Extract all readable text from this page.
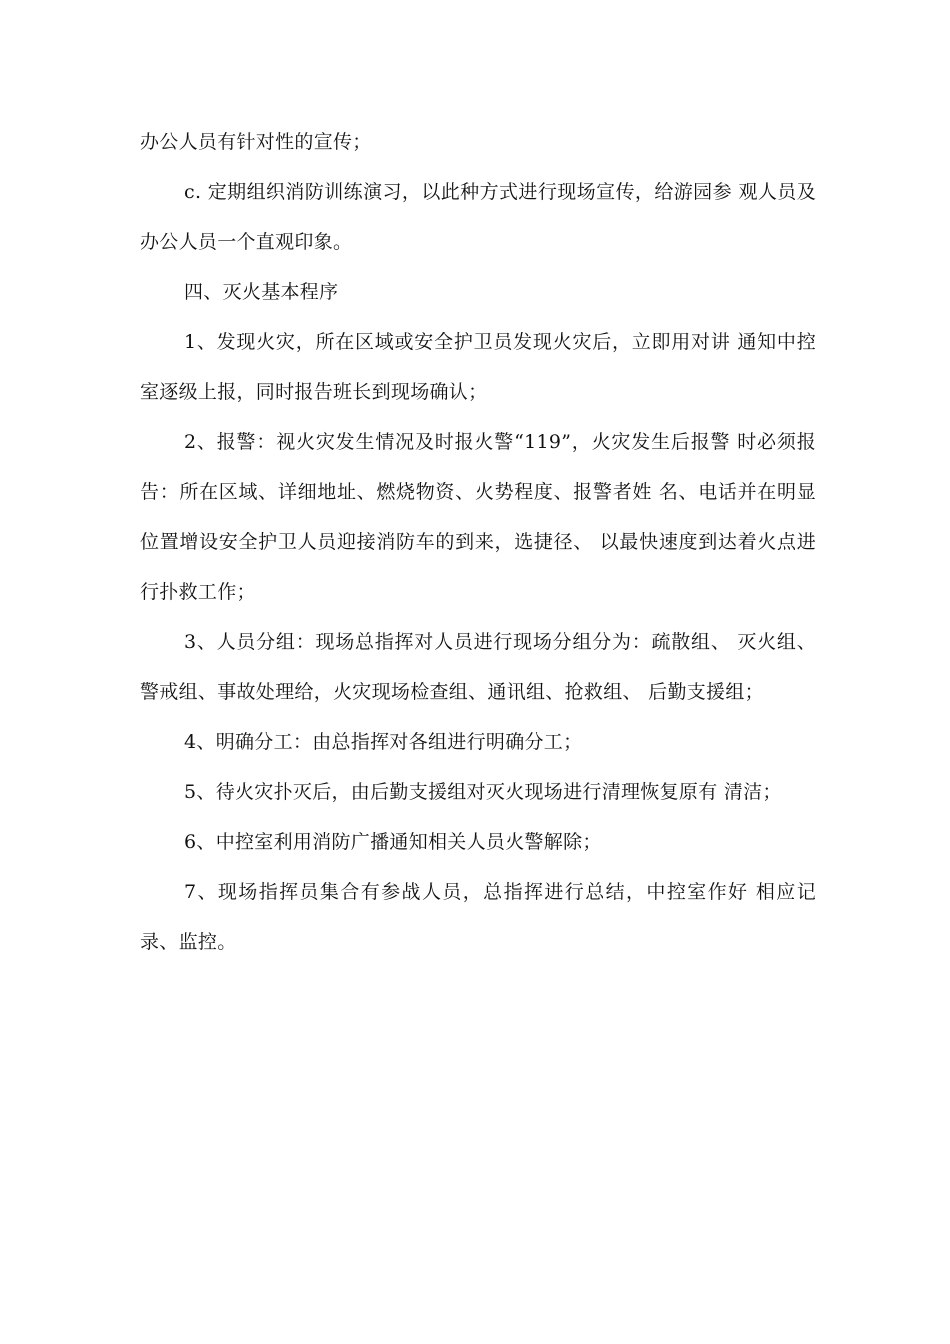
办公人员有针对性的宣传；

c. 定期组织消防训练演习，以此种方式进行现场宣传，给游园参 观人员及办公人员一个直观印象。

四、灭火基本程序

1、发现火灾，所在区域或安全护卫员发现火灾后，立即用对讲 通知中控室逐级上报，同时报告班长到现场确认；

2、报警：视火灾发生情况及时报火警“119”，火灾发生后报警 时必须报告：所在区域、详细地址、燃烧物资、火势程度、报警者姓 名、电话并在明显位置增设安全护卫人员迎接消防车的到来，选捷径、 以最快速度到达着火点进行扑救工作；

3、人员分组：现场总指挥对人员进行现场分组分为：疏散组、 灭火组、警戒组、事故处理给，火灾现场检查组、通讯组、抢救组、 后勤支援组；

4、明确分工：由总指挥对各组进行明确分工；

5、待火灾扑灭后，由后勤支援组对灭火现场进行清理恢复原有 清洁；

6、中控室利用消防广播通知相关人员火警解除；

7、现场指挥员集合有参战人员，总指挥进行总结，中控室作好 相应记录、监控。
